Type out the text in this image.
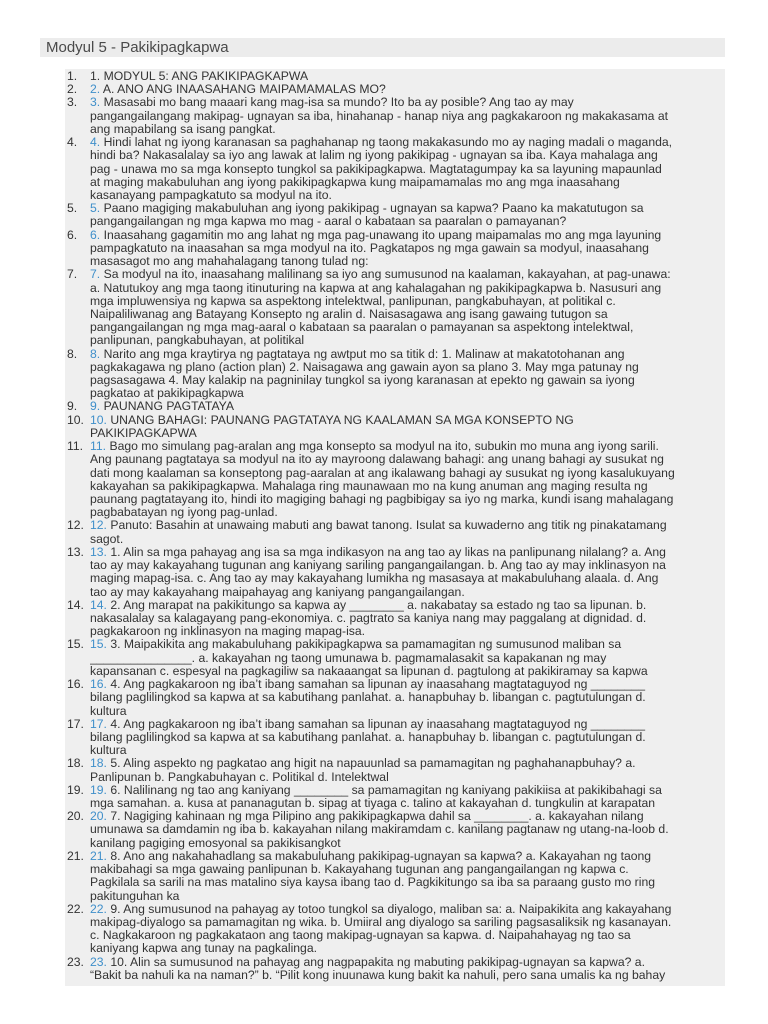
Modyul 5 - Pakikipagkapwa
1.	1. MODYUL 5: ANG PAKIKIPAGKAPWA
2.	2. A. ANO ANG INAASAHANG MAIPAMAMALAS MO?
3.	3. Masasabi mo bang maaari kang mag-isa sa mundo? Ito ba ay posible? Ang tao ay may
pangangailangang makipag- ugnayan sa iba, hinahanap - hanap niya ang pagkakaroon ng makakasama at
ang mapabilang sa isang pangkat.
4.	4. Hindi lahat ng iyong karanasan sa paghahanap ng taong makakasundo mo ay naging madali o maganda,
hindi ba? Nakasalalay sa iyo ang lawak at lalim ng iyong pakikipag - ugnayan sa iba. Kaya mahalaga ang
pag - unawa mo sa mga konsepto tungkol sa pakikipagkapwa. Magtatagumpay ka sa layuning mapaunlad
at maging makabuluhan ang iyong pakikipagkapwa kung maipamamalas mo ang mga inaasahang
kasanayang pampagkatuto sa modyul na ito.
5.	5. Paano magiging makabuluhan ang iyong pakikipag - ugnayan sa kapwa? Paano ka makatutugon sa
pangangailangan ng mga kapwa mo mag - aaral o kabataan sa paaralan o pamayanan?
6.	6. Inaasahang gagamitin mo ang lahat ng mga pag-unawang ito upang maipamalas mo ang mga layuning
pampagkatuto na inaasahan sa mga modyul na ito. Pagkatapos ng mga gawain sa modyul, inaasahang
masasagot mo ang mahahalagang tanong tulad ng:
7.	7. Sa modyul na ito, inaasahang malilinang sa iyo ang sumusunod na kaalaman, kakayahan, at pag-unawa:
a. Natutukoy ang mga taong itinuturing na kapwa at ang kahalagahan ng pakikipagkapwa b. Nasusuri ang
mga impluwensiya ng kapwa sa aspektong intelektwal, panlipunan, pangkabuhayan, at politikal c.
Naipaliliwanag ang Batayang Konsepto ng aralin d. Naisasagawa ang isang gawaing tutugon sa
pangangailangan ng mga mag-aaral o kabataan sa paaralan o pamayanan sa aspektong intelektwal,
panlipunan, pangkabuhayan, at politikal
8.	8. Narito ang mga kraytirya ng pagtataya ng awtput mo sa titik d: 1. Malinaw at makatotohanan ang
pagkakagawa ng plano (action plan) 2. Naisagawa ang gawain ayon sa plano 3. May mga patunay ng
pagsasagawa 4. May kalakip na pagninilay tungkol sa iyong karanasan at epekto ng gawain sa iyong
pagkatao at pakikipagkapwa
9.	9. PAUNANG PAGTATAYA
10. 10. UNANG BAHAGI: PAUNANG PAGTATAYA NG KAALAMAN SA MGA KONSEPTO NG
PAKIKIPAGKAPWA
11. 11. Bago mo simulang pag-aralan ang mga konsepto sa modyul na ito, subukin mo muna ang iyong sarili.
Ang paunang pagtataya sa modyul na ito ay mayroong dalawang bahagi: ang unang bahagi ay susukat ng
dati mong kaalaman sa konseptong pag-aaralan at ang ikalawang bahagi ay susukat ng iyong kasalukuyang
kakayahan sa pakikipagkapwa. Mahalaga ring maunawaan mo na kung anuman ang maging resulta ng
paunang pagtatayang ito, hindi ito magiging bahagi ng pagbibigay sa iyo ng marka, kundi isang mahalagang
pagbabatayan ng iyong pag-unlad.
12. 12. Panuto: Basahin at unawaing mabuti ang bawat tanong. Isulat sa kuwaderno ang titik ng pinakatamang
sagot.
13. 13. 1. Alin sa mga pahayag ang isa sa mga indikasyon na ang tao ay likas na panlipunang nilalang? a. Ang
tao ay may kakayahang tugunan ang kaniyang sariling pangangailangan. b. Ang tao ay may inklinasyon na
maging mapag-isa. c. Ang tao ay may kakayahang lumikha ng masasaya at makabuluhang alaala. d. Ang
tao ay may kakayahang maipahayag ang kaniyang pangangailangan.
14. 14. 2. Ang marapat na pakikitungo sa kapwa ay ________ a. nakabatay sa estado ng tao sa lipunan. b.
nakasalalay sa kalagayang pang-ekonomiya. c. pagtrato sa kaniya nang may paggalang at dignidad. d.
pagkakaroon ng inklinasyon na maging mapag-isa.
15. 15. 3. Maipakikita ang makabuluhang pakikipagkapwa sa pamamagitan ng sumusunod maliban sa
_______________. a. kakayahan ng taong umunawa b. pagmamalasakit sa kapakanan ng may
kapansanan c. espesyal na pagkagiliw sa nakaaangat sa lipunan d. pagtulong at pakikiramay sa kapwa
16. 16. 4. Ang pagkakaroon ng iba’t ibang samahan sa lipunan ay inaasahang magtataguyod ng ________
bilang paglilingkod sa kapwa at sa kabutihang panlahat. a. hanapbuhay b. libangan c. pagtutulungan d.
kultura
17. 17. 4. Ang pagkakaroon ng iba’t ibang samahan sa lipunan ay inaasahang magtataguyod ng ________
bilang paglilingkod sa kapwa at sa kabutihang panlahat. a. hanapbuhay b. libangan c. pagtutulungan d.
kultura
18. 18. 5. Aling aspekto ng pagkatao ang higit na napauunlad sa pamamagitan ng paghahanapbuhay? a.
Panlipunan b. Pangkabuhayan c. Politikal d. Intelektwal
19. 19. 6. Nalilinang ng tao ang kaniyang ________ sa pamamagitan ng kaniyang pakikiisa at pakikibahagi sa
mga samahan. a. kusa at pananagutan b. sipag at tiyaga c. talino at kakayahan d. tungkulin at karapatan
20. 20. 7. Nagiging kahinaan ng mga Pilipino ang pakikipagkapwa dahil sa ________. a. kakayahan nilang
umunawa sa damdamin ng iba b. kakayahan nilang makiramdam c. kanilang pagtanaw ng utang-na-loob d.
kanilang pagiging emosyonal sa pakikisangkot
21. 21. 8. Ano ang nakahahadlang sa makabuluhang pakikipag-ugnayan sa kapwa? a. Kakayahan ng taong
makibahagi sa mga gawaing panlipunan b. Kakayahang tugunan ang pangangailangan ng kapwa c.
Pagkilala sa sarili na mas matalino siya kaysa ibang tao d. Pagkikitungo sa iba sa paraang gusto mo ring
pakitunguhan ka
22. 22. 9. Ang sumusunod na pahayag ay totoo tungkol sa diyalogo, maliban sa: a. Naipakikita ang kakayahang
makipag-diyalogo sa pamamagitan ng wika. b. Umiiral ang diyalogo sa sariling pagsasaliksik ng kasanayan.
c. Nagkakaroon ng pagkakataon ang taong makipag-ugnayan sa kapwa. d. Naipahahayag ng tao sa
kaniyang kapwa ang tunay na pagkalinga.
23. 23. 10. Alin sa sumusunod na pahayag ang nagpapakita ng mabuting pakikipag-ugnayan sa kapwa? a.
“Bakit ba nahuli ka na naman?” b. “Pilit kong inuunawa kung bakit ka nahuli, pero sana umalis ka ng bahay
